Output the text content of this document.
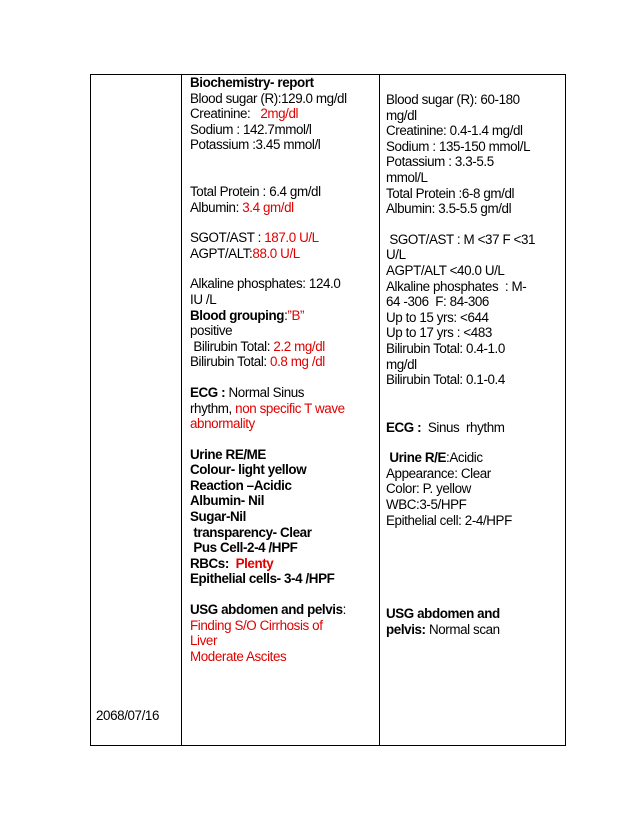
2068/07/16
Biochemistry- report
Blood sugar (R):129.0 mg/dl
Creatinine:   2mg/dl
Sodium : 142.7mmol/l
Potassium :3.45 mmol/l
Total Protein : 6.4 gm/dl
Albumin: 3.4 gm/dl
SGOT/AST : 187.0 U/L
AGPT/ALT:88.0 U/L
Alkaline phosphates: 124.0
IU /L
Blood grouping:”B”
positive
Bilirubin Total: 2.2 mg/dl
Bilirubin Total: 0.8 mg /dl
ECG : Normal Sinus
rhythm, non specific T wave
abnormality
Urine RE/ME
Colour- light yellow
Reaction –Acidic
Albumin- Nil
Sugar-Nil
transparency- Clear
Pus Cell-2-4 /HPF
RBCs:  Plenty
Epithelial cells- 3-4 /HPF
USG abdomen and pelvis:
Finding S/O Cirrhosis of
Liver
Moderate Ascites
Blood sugar (R): 60-180
mg/dl
Creatinine: 0.4-1.4 mg/dl
Sodium : 135-150 mmol/L
Potassium : 3.3-5.5
mmol/L
Total Protein :6-8 gm/dl
Albumin: 3.5-5.5 gm/dl
SGOT/AST : M <37 F <31
U/L
AGPT/ALT <40.0 U/L
Alkaline phosphates  : M-
64 -306  F: 84-306
Up to 15 yrs: <644
Up to 17 yrs : <483
Bilirubin Total: 0.4-1.0
mg/dl
Bilirubin Total: 0.1-0.4
ECG :  Sinus  rhythm
Urine R/E:Acidic
Appearance: Clear
Color: P. yellow
WBC:3-5/HPF
Epithelial cell: 2-4/HPF
USG abdomen and
pelvis: Normal scan
